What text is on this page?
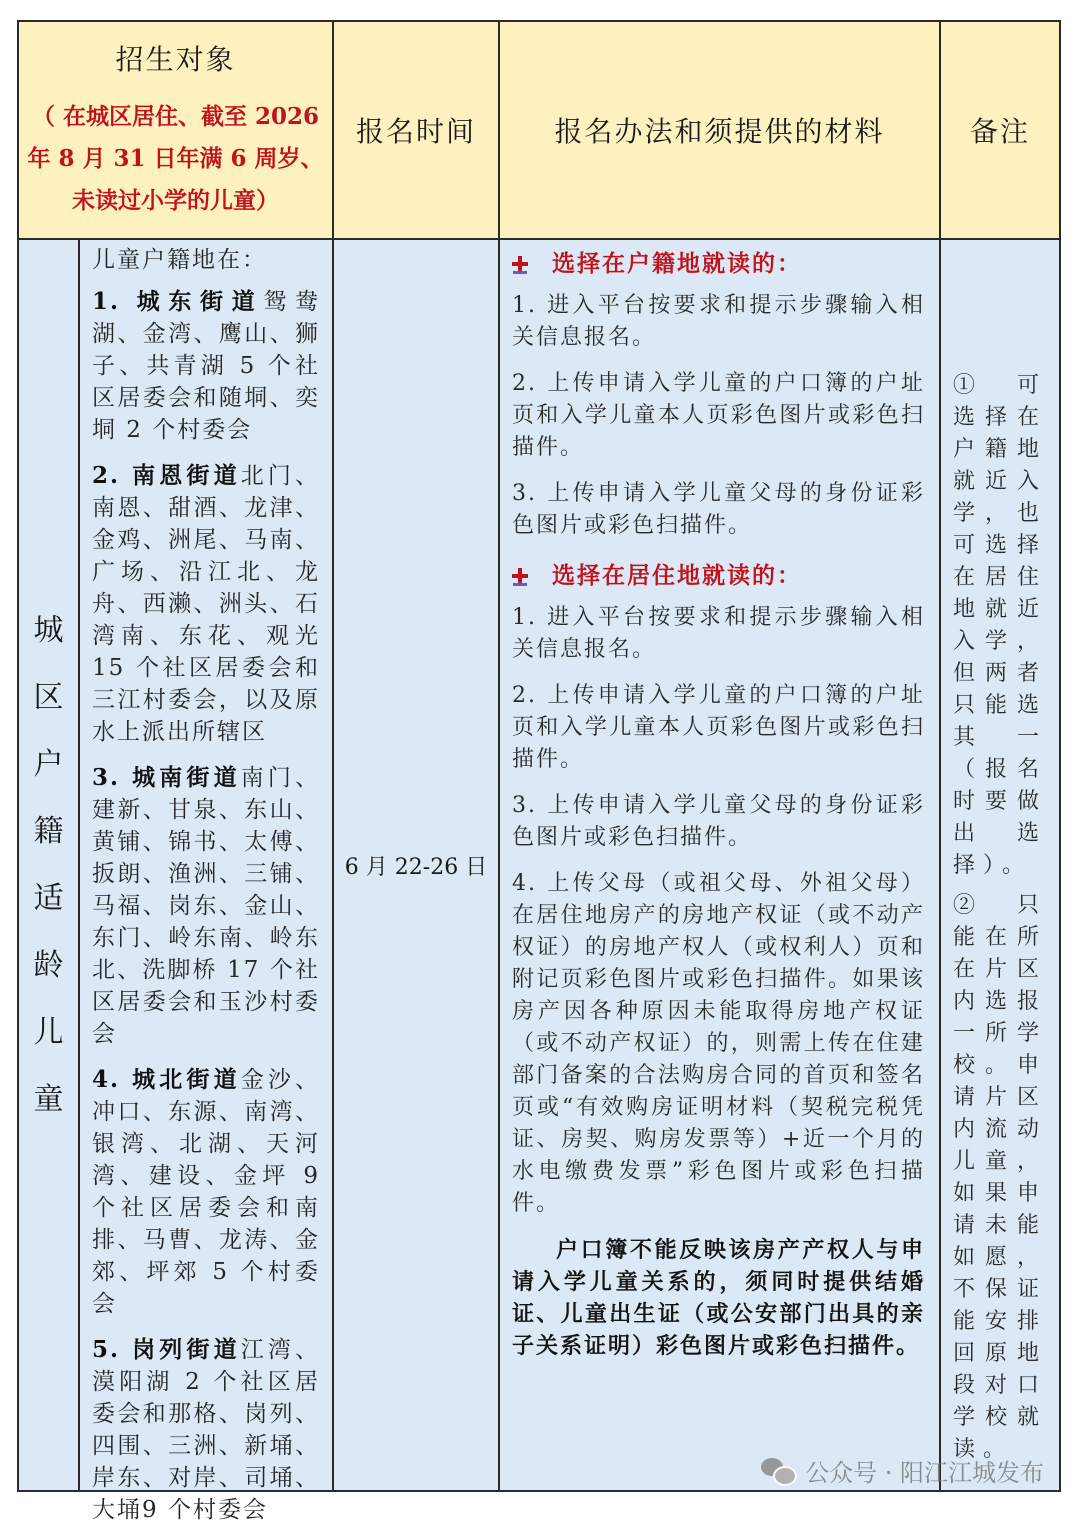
招生对象
（ 在城区居住、截至 2026
年 8 月 31 日年满 6 周岁、
未读过小学的儿童）
报名时间	报名办法和须提供的材料	备注
城
区
户
籍
适
龄
儿
童

儿童户籍地在：

1. 城东街道鸳鸯湖、金湾、鹰山、狮子、共青湖 5 个社区居委会和随垌、奕垌 2 个村委会

2. 南恩街道北门、南恩、甜酒、龙津、金鸡、洲尾、马南、广场、沿江北、龙舟、西濑、洲头、石湾南、东花、观光 15 个社区居委会和三江村委会，以及原水上派出所辖区

3. 城南街道南门、建新、甘泉、东山、黄铺、锦书、太傅、扳朗、渔洲、三铺、马福、岗东、金山、东门、岭东南、岭东北、洗脚桥 17 个社区居委会和玉沙村委会

4. 城北街道金沙、冲口、东源、南湾、银湾、北湖、天河湾、建设、金坪 9 个社区居委会和南排、马曹、龙涛、金郊、坪郊 5 个村委会

5. 岗列街道江湾、漠阳湖 2 个社区居委会和那格、岗列、四围、三洲、新埇、岸东、对岸、司埇、大埇9 个村委会

6 月 22-26 日
选择在户籍地就读的：

1. 进入平台按要求和提示步骤输入相关信息报名。

2. 上传申请入学儿童的户口簿的户址页和入学儿童本人页彩色图片或彩色扫描件。

3. 上传申请入学儿童父母的身份证彩色图片或彩色扫描件。

选择在居住地就读的：

1. 进入平台按要求和提示步骤输入相关信息报名。

2. 上传申请入学儿童的户口簿的户址页和入学儿童本人页彩色图片或彩色扫描件。

3. 上传申请入学儿童父母的身份证彩色图片或彩色扫描件。

4. 上传父母（或祖父母、外祖父母）在居住地房产的房地产权证（或不动产权证）的房地产权人（或权利人）页和附记页彩色图片或彩色扫描件。如果该房产因各种原因未能取得房地产权证（或不动产权证）的，则需上传在住建部门备案的合法购房合同的首页和签名页或“有效购房证明材料（契税完税凭证、房契、购房发票等）+近一个月的水电缴费发票”彩色图片或彩色扫描件。

户口簿不能反映该房产产权人与申请入学儿童关系的，须同时提供结婚证、儿童出生证（或公安部门出具的亲子关系证明）彩色图片或彩色扫描件。

① 可选择在户籍地就近入学，也可选择在居住地就近入学，但两者只能选其一（报名时要做出选择）。

② 只能在所在片区内选报一所学校。申请片区内流动儿童，如果申请未能如愿，不保证能安排回原地段对口学校就读。

公众号 · 阳江江城发布
